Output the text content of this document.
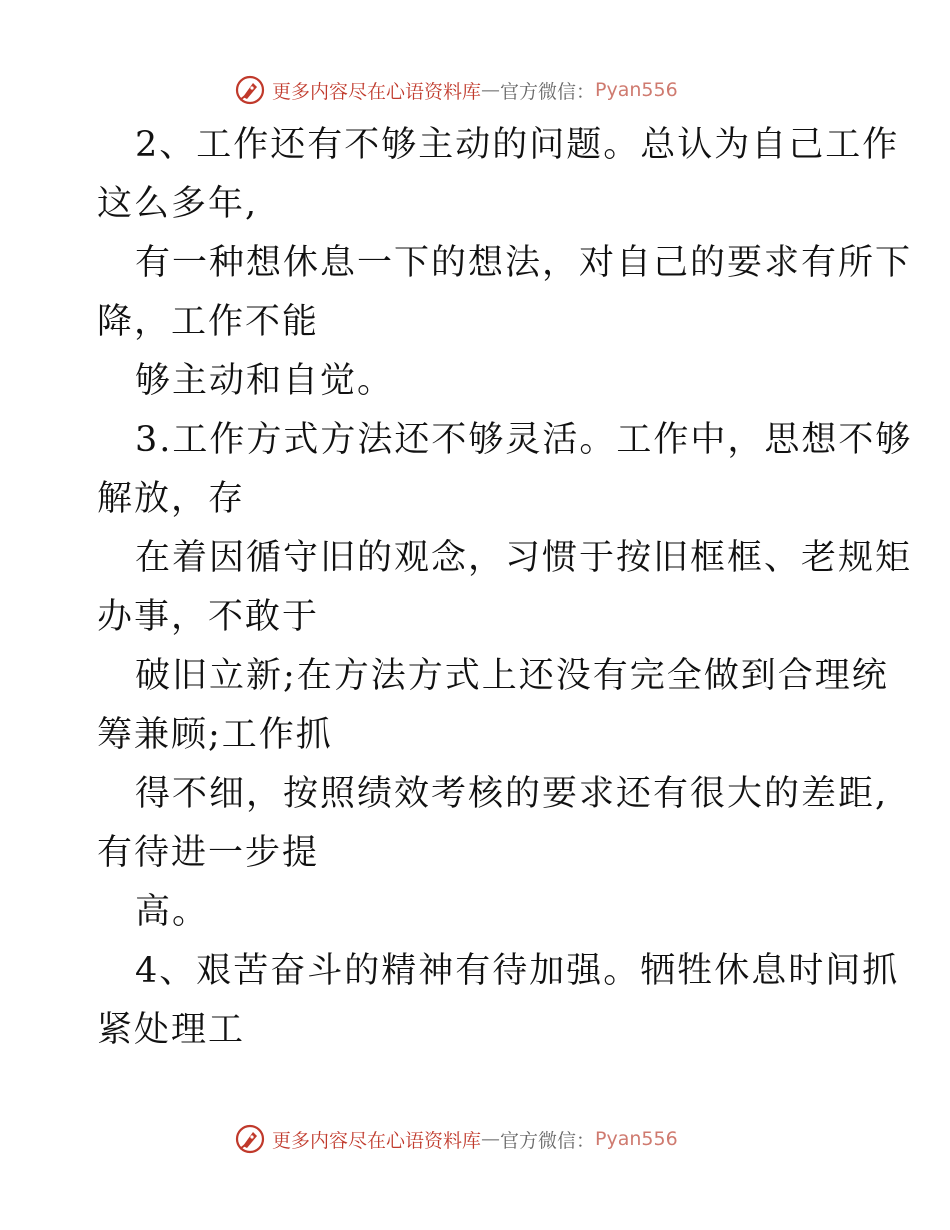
更多内容尽在心语资料库 — 官方微信： Pyan556
2、工作还有不够主动的问题。总认为自己工作
这么多年,
有一种想休息一下的想法，对自己的要求有所下
降，工作不能
够主动和自觉。
3.工作方式方法还不够灵活。工作中，思想不够
解放，存
在着因循守旧的观念，习惯于按旧框框、老规矩
办事，不敢于
破旧立新;在方法方式上还没有完全做到合理统
筹兼顾;工作抓
得不细，按照绩效考核的要求还有很大的差距,
有待进一步提
高。
4、艰苦奋斗的精神有待加强。牺牲休息时间抓
紧处理工
更多内容尽在心语资料库 — 官方微信： Pyan556
